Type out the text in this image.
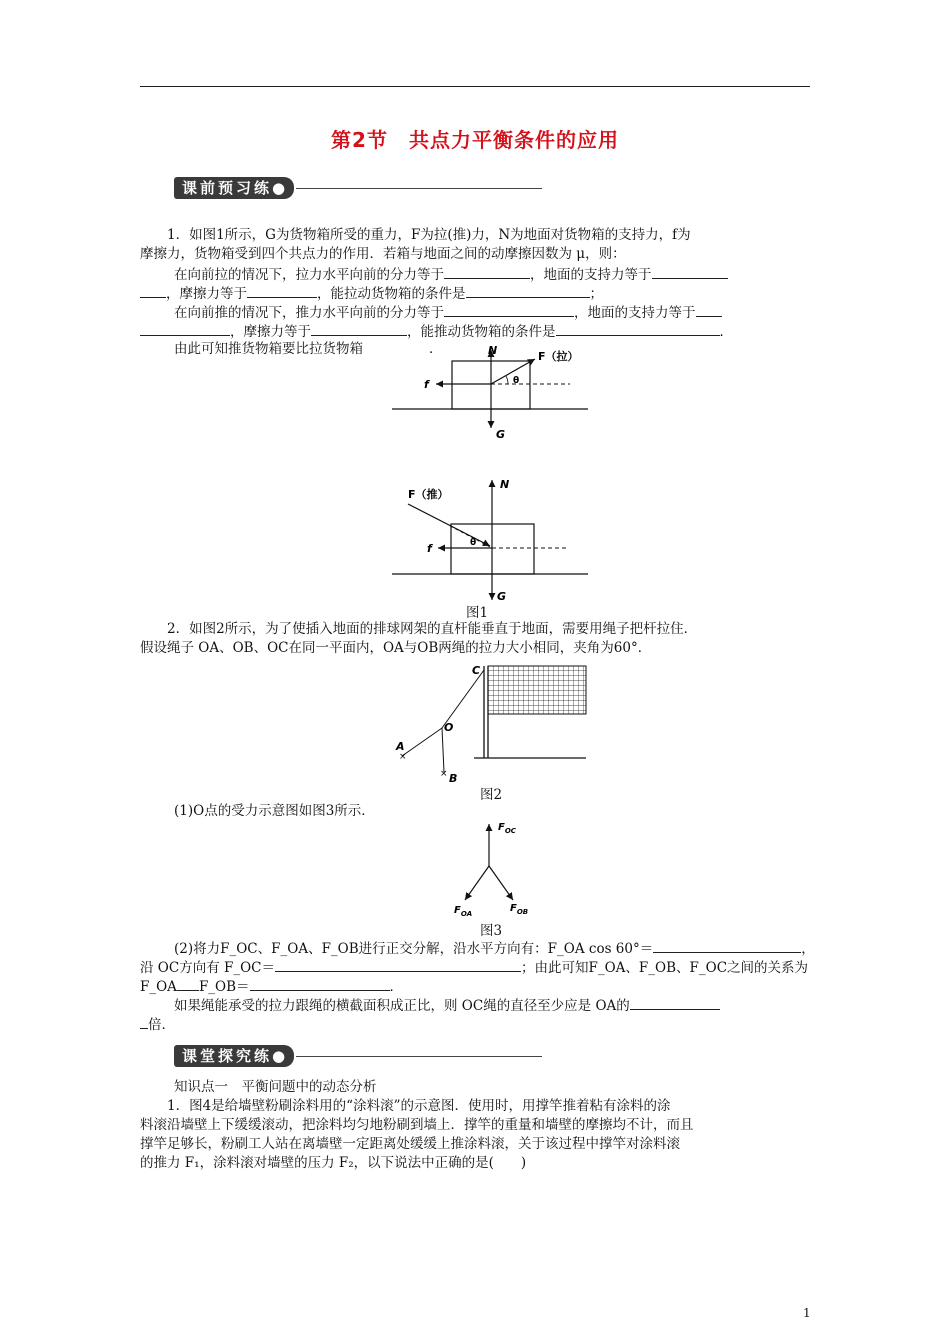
第2节　共点力平衡条件的应用
课前预习练●
1．如图1所示，G为货物箱所受的重力，F为拉(推)力，N为地面对货物箱的支持力，f为
摩擦力，货物箱受到四个共点力的作用．若箱与地面之间的动摩擦因数为 μ，则：
在向前拉的情况下，拉力水平向前的分力等于	，地面的支持力等于
，摩擦力等于	，能拉动货物箱的条件是	；
在向前推的情况下，推力水平向前的分力等于	，地面的支持力等于
，摩擦力等于	，能推动货物箱的条件是	．
由此可知推货物箱要比拉货物箱	．	N	F（拉）
f	θ
G
N
F（推）
f	θ
G
图1
2．如图2所示，为了使插入地面的排球网架的直杆能垂直于地面，需要用绳子把杆拉住．
假设绳子 OA、OB、OC在同一平面内，OA与OB两绳的拉力大小相同，夹角为60°．
×
×
C
O
A
B
图2
(1)O点的受力示意图如图3所示．
$F_{OC}$
$F_{OA}$	$F_{OB}$
图3
(2)将力F_OC、F_OA、F_OB进行正交分解，沿水平方向有：F_OA cos 60°＝	，
沿 OC方向有 F_OC＝	；由此可知F_OA、F_OB、F_OC之间的关系为
F_OA F_OB＝	．
如果绳能承受的拉力跟绳的横截面积成正比，则 OC绳的直径至少应是 OA的
倍．
课堂探究练●
知识点一　平衡问题中的动态分析
1．图4是给墙壁粉刷涂料用的“涂料滚”的示意图．使用时，用撑竿推着粘有涂料的涂
料滚沿墙壁上下缓缓滚动，把涂料均匀地粉刷到墙上．撑竿的重量和墙壁的摩擦均不计，而且
撑竿足够长，粉刷工人站在离墙壁一定距离处缓缓上推涂料滚，关于该过程中撑竿对涂料滚
的推力 F₁，涂料滚对墙壁的压力 F₂，以下说法中正确的是(　　)
1
